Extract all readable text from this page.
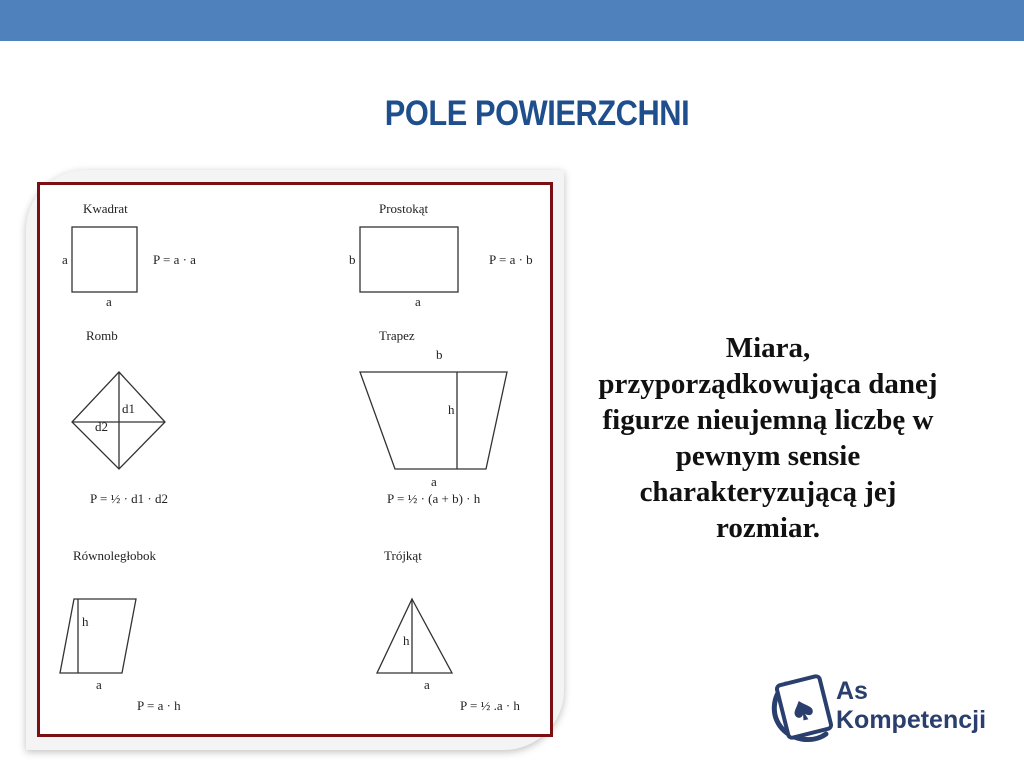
POLE POWIERZCHNI
Kwadrat
a
a
P = a · a
Prostokąt
b
a
P = a · b
Romb
d1
d2
P = ½ · d1 · d2
Trapez
b
h
a
P = ½ · (a + b) · h
Równoległobok
h
a
P = a · h
Trójkąt
h
a
P = ½ .a · h

Miara,

przyporządkowująca danej

figurze nieujemną liczbę w

pewnym sensie

charakteryzującą jej

rozmiar.

As
Kompetencji
